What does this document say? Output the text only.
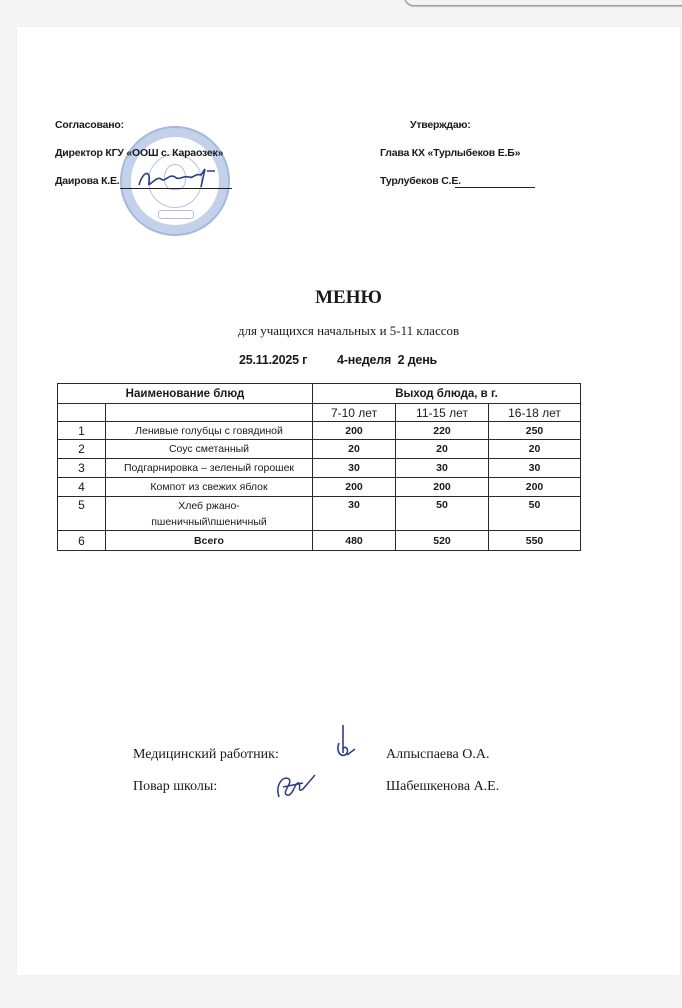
Согласовано:
Директор КГУ «ООШ с. Караозек»
Даирова К.Е.
Утверждаю:
Глава КХ «Турлыбеков Е.Б»
Турлубеков С.Е.
МЕНЮ
для учащихся начальных и 5-11 классов
25.11.2025 г 4-неделя  2 день
Наименование блюд		Выход блюда, в г.		
		7-10 лет	11-15 лет	16-18 лет
1	Ленивые голубцы с говядиной	200	220	250
2	Соус сметанный	20	20	20
3	Подгарнировка – зеленый горошек	30	30	30
4	Компот из свежих яблок	200	200	200
5	Хлеб ржано-
пшеничный\пшеничный	30	50	50
6	Всего	480	520	550
Медицинский работник:	Алпыспаева О.А.
Повар школы:	Шабешкенова А.Е.
